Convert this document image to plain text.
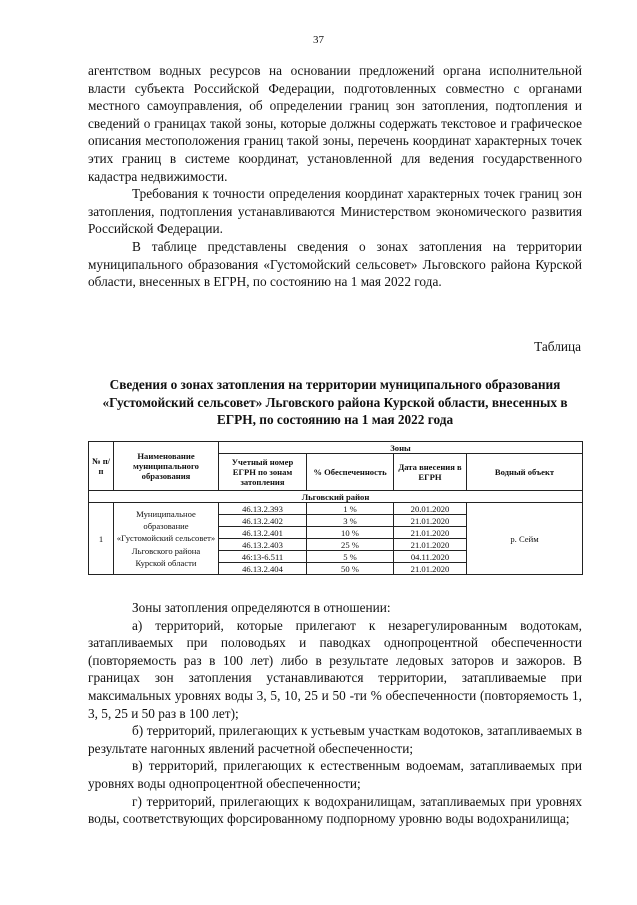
37

агентством водных ресурсов на основании предложений органа исполнительной власти субъекта Российской Федерации, подготовленных совместно с органами местного самоуправления, об определении границ зон затопления, подтопления и сведений о границах такой зоны, которые должны содержать текстовое и графическое описания местоположения границ такой зоны, перечень координат характерных точек этих границ в системе координат, установленной для ведения государственного кадастра недвижимости.

Требования к точности определения координат характерных точек границ зон затопления, подтопления устанавливаются Министерством экономического развития Российской Федерации.

В таблице представлены сведения о зонах затопления на территории муниципального образования «Густомойский сельсовет» Льговского района Курской области, внесенных в ЕГРН, по состоянию на 1 мая 2022 года.

Таблица
Сведения о зонах затопления на территории муниципального образования «Густомойский сельсовет» Льговского района Курской области, внесенных в ЕГРН, по состоянию на 1 мая 2022 года
№ п/п	Наименование муниципального образования	Зоны			
		Учетный номер ЕГРН по зонам затопления	% Обеспеченность	Дата внесения в ЕГРН	Водный объект
Льговский район					
1	Муниципальное образование «Густомойский сельсовет» Льговского района Курской области	46.13.2.393	1 %	20.01.2020	р. Сейм
		46.13.2.402	3 %	21.01.2020	
		46.13.2.401	10 %	21.01.2020	
		46.13.2.403	25 %	21.01.2020	
		46:13-6.511	5 %	04.11.2020	
		46.13.2.404	50 %	21.01.2020	

Зоны затопления определяются в отношении:

а) территорий, которые прилегают к незарегулированным водотокам, затапливаемых при половодьях и паводках однопроцентной обеспеченности (повторяемость раз в 100 лет) либо в результате ледовых заторов и зажоров. В границах зон затопления устанавливаются территории, затапливаемые при максимальных уровнях воды 3, 5, 10, 25 и 50 -ти % обеспеченности (повторяемость 1, 3, 5, 25 и 50 раз в 100 лет);

б) территорий, прилегающих к устьевым участкам водотоков, затапливаемых в результате нагонных явлений расчетной обеспеченности;

в) территорий, прилегающих к естественным водоемам, затапливаемых при уровнях воды однопроцентной обеспеченности;

г) территорий, прилегающих к водохранилищам, затапливаемых при уровнях воды, соответствующих форсированному подпорному уровню воды водохранилища;
